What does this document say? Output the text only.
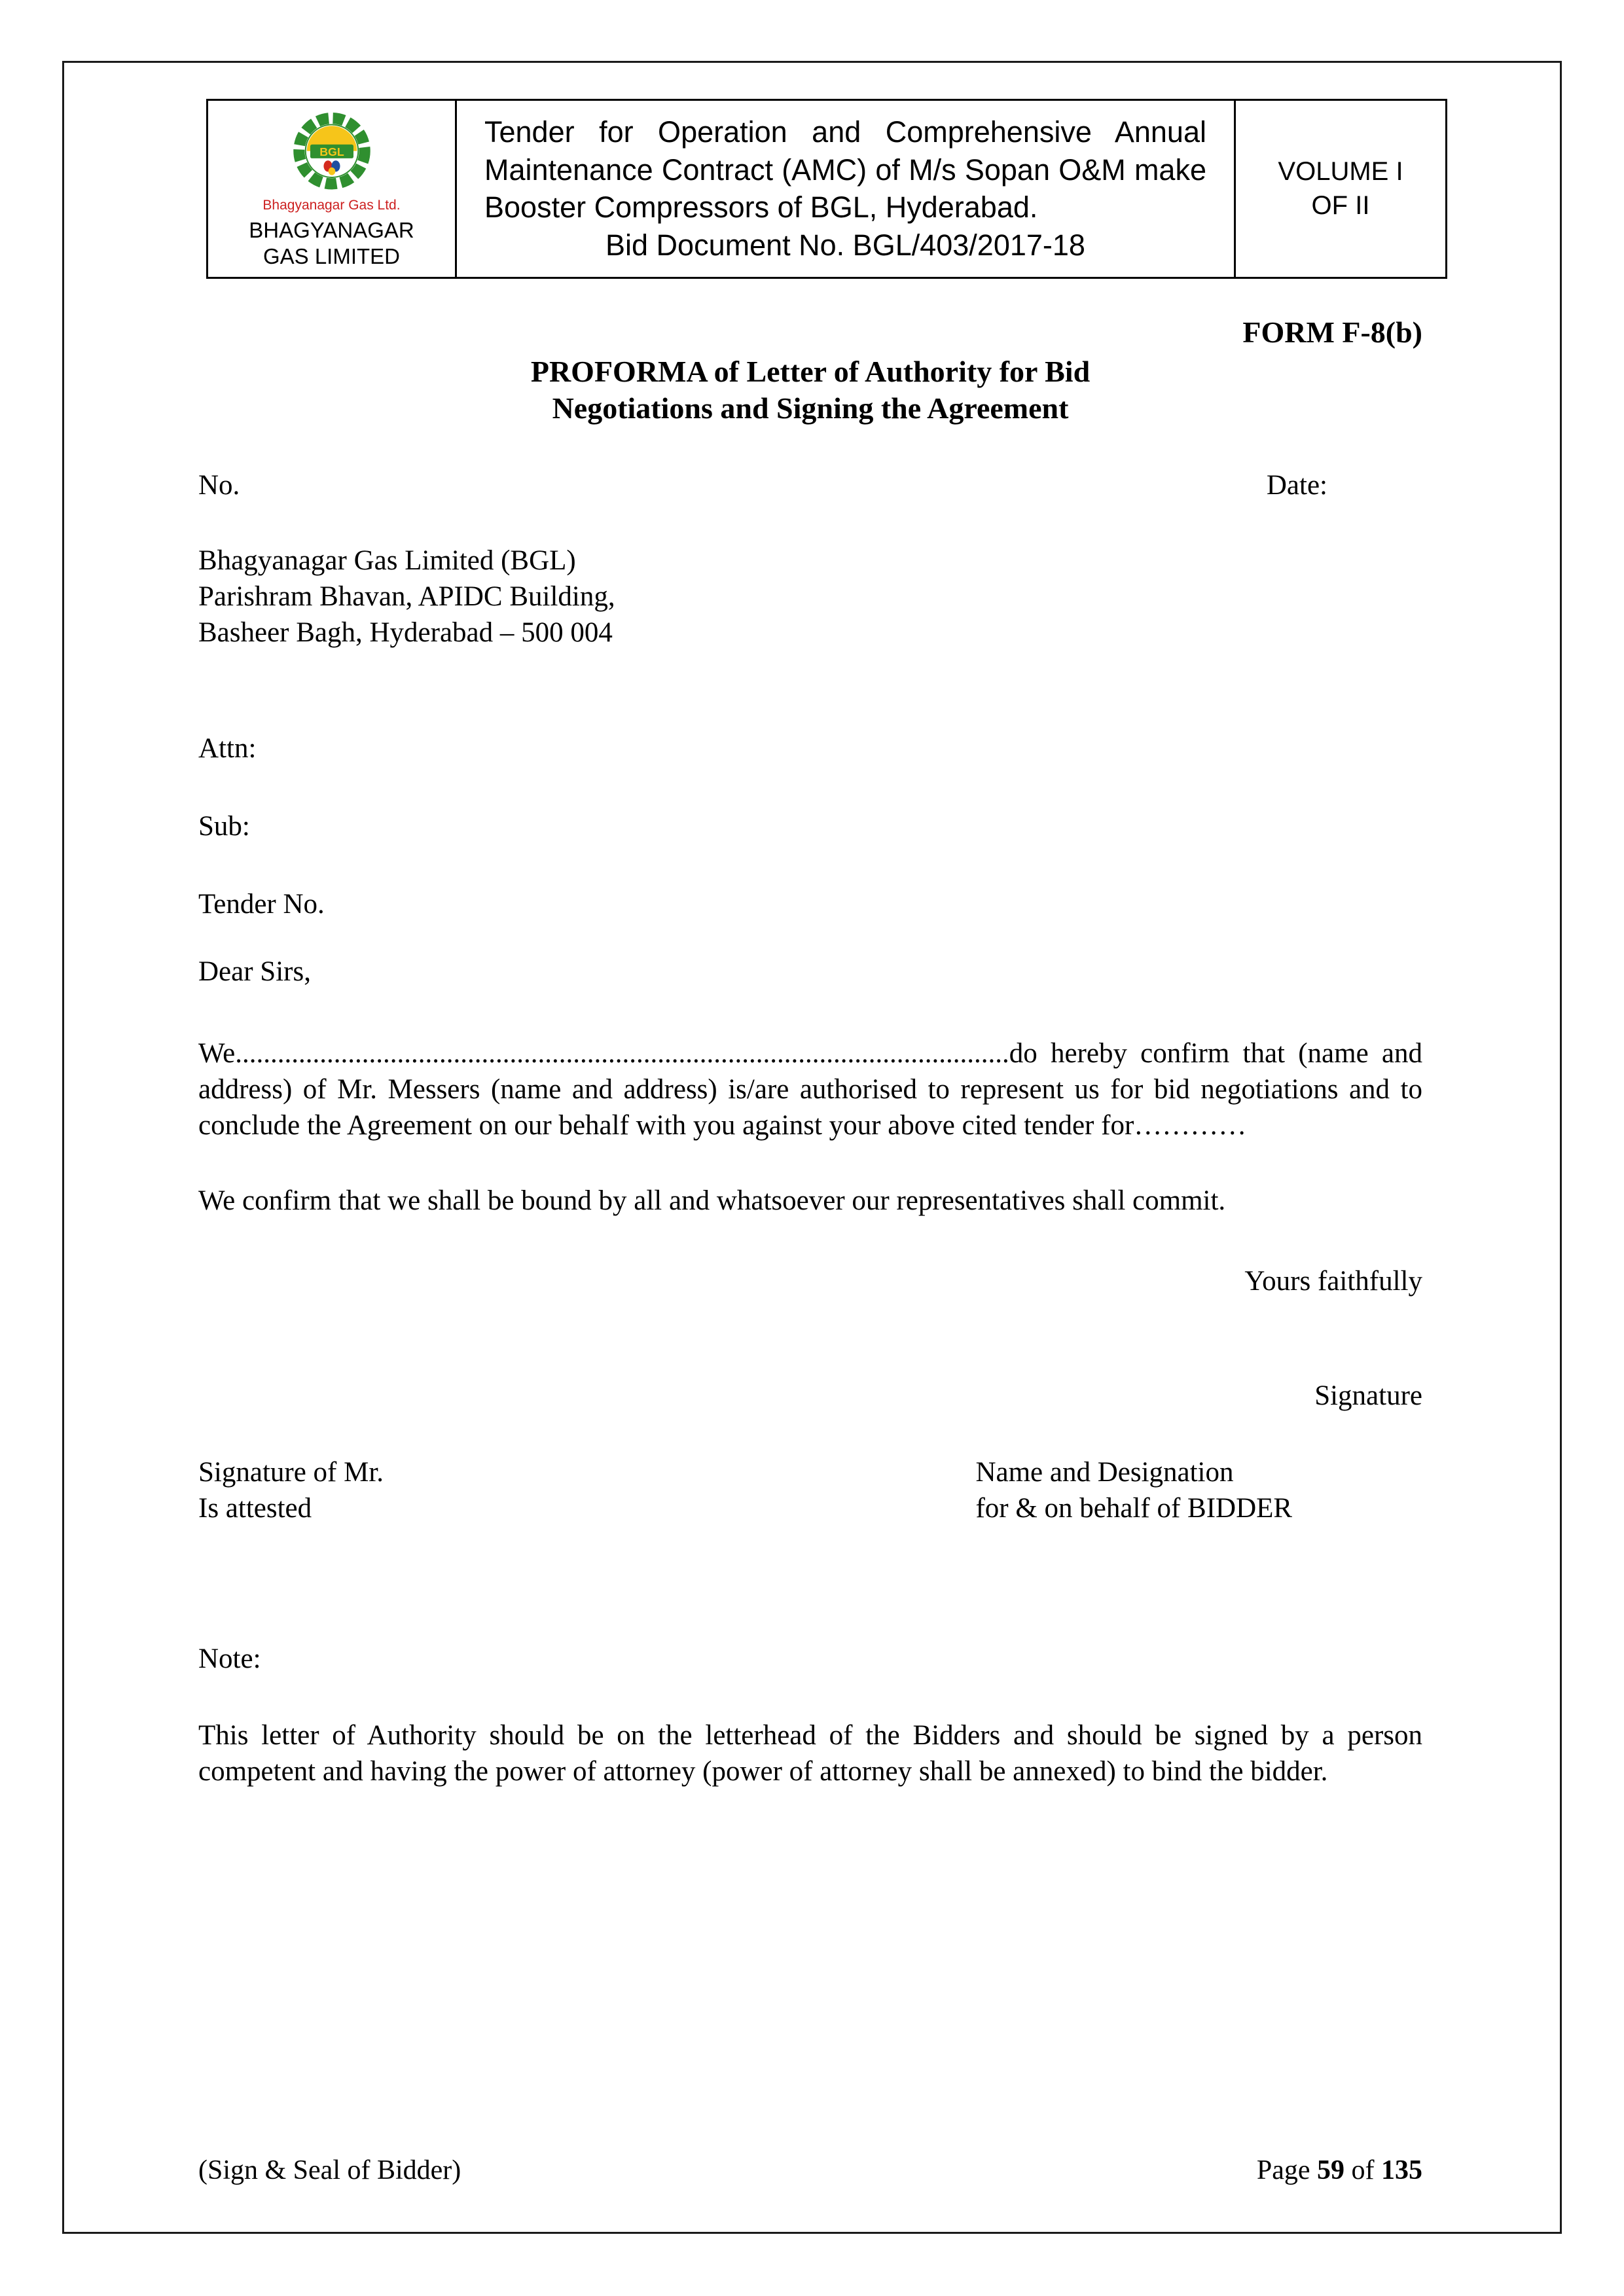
BGL
Bhagyanagar Gas Ltd.
BHAGYANAGAR GAS LIMITED
Tender for Operation and Comprehensive Annual Maintenance Contract (AMC) of M/s Sopan O&M make Booster Compressors of BGL, Hyderabad.
Bid Document No. BGL/403/2017-18
VOLUME I
OF II
FORM F-8(b)
PROFORMA of Letter of Authority for Bid
Negotiations and Signing the Agreement
No.	Date:
Bhagyanagar Gas Limited (BGL)
Parishram Bhavan, APIDC Building,
Basheer Bagh, Hyderabad – 500 004
Attn:
Sub:
Tender No.
Dear Sirs,
We..............................................................................................................do hereby confirm that (name and address) of Mr. Messers (name and address) is/are authorised to represent us for bid negotiations and to conclude the Agreement on our behalf with you against your above cited tender for…………
We confirm that we shall be bound by all and whatsoever our representatives shall commit.
Yours faithfully
Signature
Signature of Mr.
Is attested
Name and Designation
for & on behalf of BIDDER
Note:
This letter of Authority should be on the letterhead of the Bidders and should be signed by a person competent and having the power of attorney (power of attorney shall be annexed) to bind the bidder.
(Sign & Seal of Bidder)	Page 59 of 135
